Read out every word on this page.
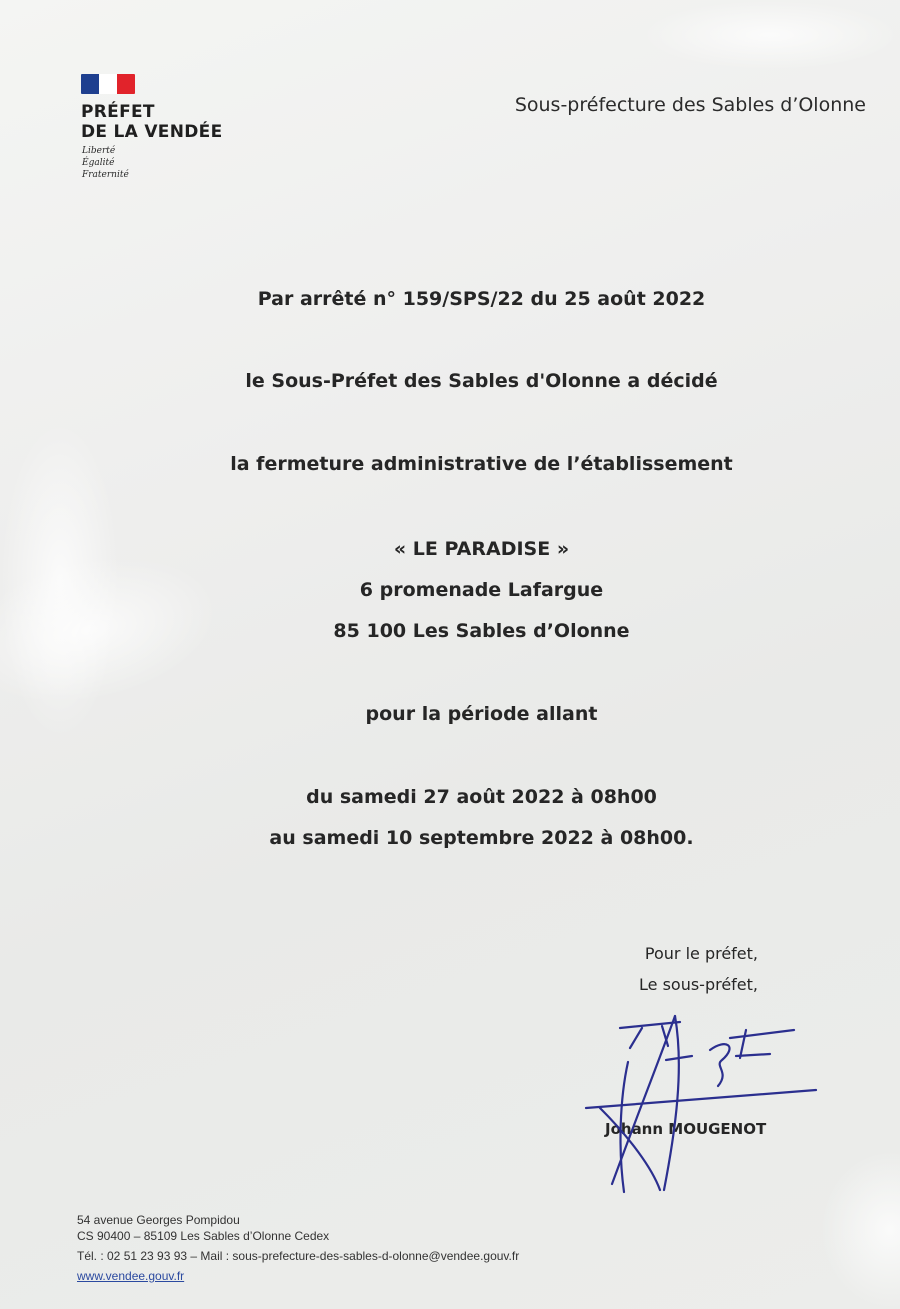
PRÉFET
DE LA VENDÉE
Liberté
Égalité
Fraternité
Sous-préfecture des Sables d’Olonne
Par arrêté n° 159/SPS/22 du 25 août 2022
le Sous-Préfet des Sables d'Olonne a décidé
la fermeture administrative de l’établissement
« LE PARADISE »
6 promenade Lafargue
85 100 Les Sables d’Olonne
pour la période allant
du samedi 27 août 2022 à 08h00
au samedi 10 septembre 2022 à 08h00.
Pour le préfet,
Le sous-préfet,
Johann MOUGENOT
54 avenue Georges Pompidou
CS 90400 – 85109 Les Sables d’Olonne Cedex
Tél. : 02 51 23 93 93 – Mail : sous-prefecture-des-sables-d-olonne@vendee.gouv.fr
www.vendee.gouv.fr
